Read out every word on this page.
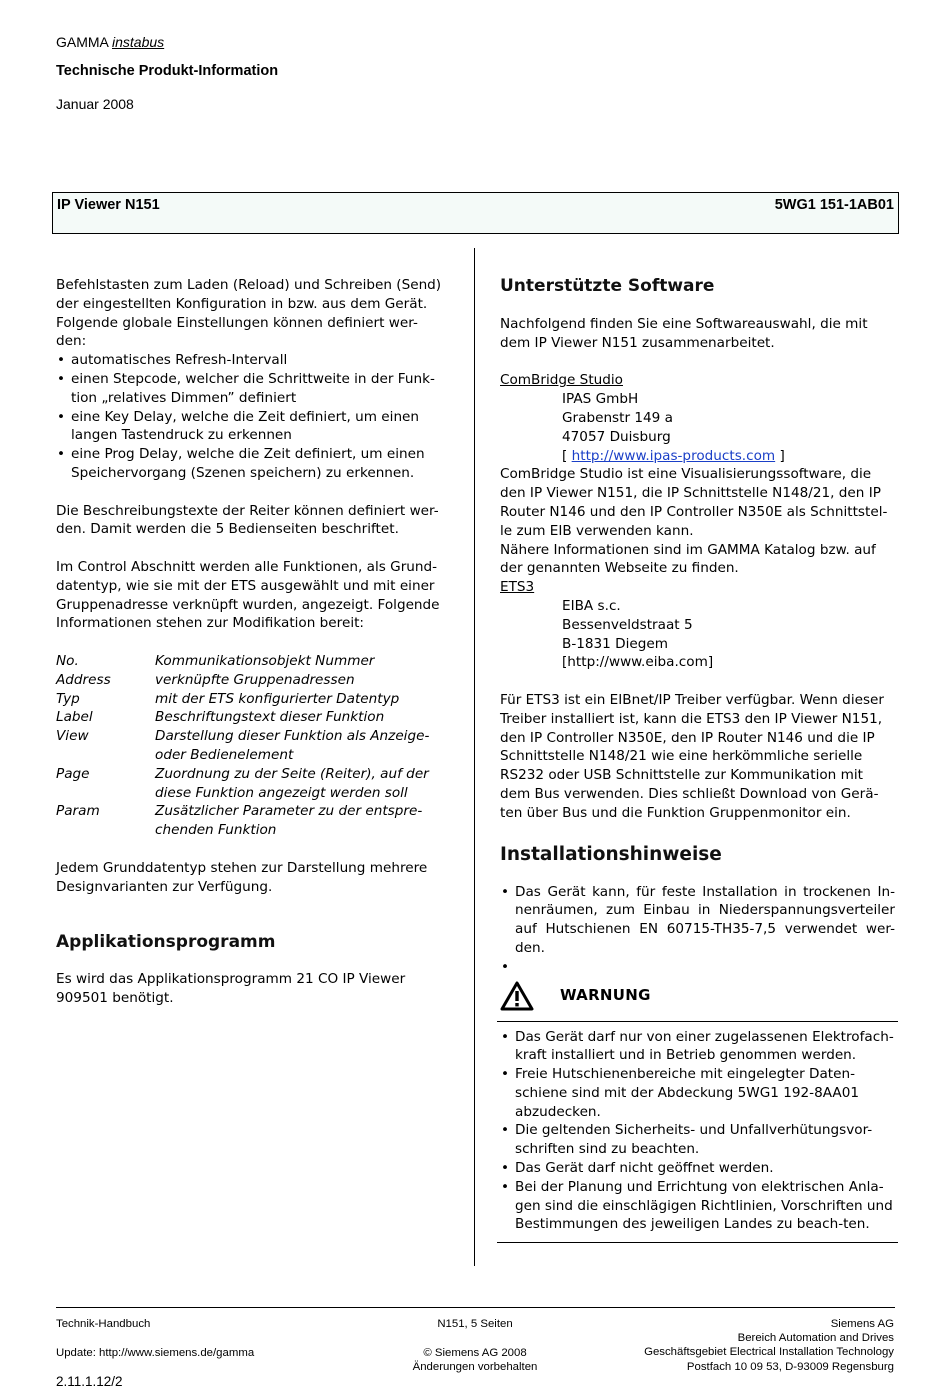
GAMMA instabus
Technische Produkt-Information
Januar 2008
IP Viewer N151	5WG1 151-1AB01

Befehlstasten zum Laden (Reload) und Schreiben (Send) der eingestellten Konfiguration in bzw. aus dem Gerät. Folgende globale Einstellungen können definiert wer-den:

• automatisches Refresh-Intervall
• einen Stepcode, welcher die Schrittweite in der Funk-tion „relatives Dimmen” definiert
• eine Key Delay, welche die Zeit definiert, um einen langen Tastendruck zu erkennen
• eine Prog Delay, welche die Zeit definiert, um einen Speichervorgang (Szenen speichern) zu erkennen.

Die Beschreibungstexte der Reiter können definiert wer-den. Damit werden die 5 Bedienseiten beschriftet.

Im Control Abschnitt werden alle Funktionen, als Grund-datentyp, wie sie mit der ETS ausgewählt und mit einer Gruppenadresse verknüpft wurden, angezeigt. Folgende Informationen stehen zur Modifikation bereit:

No.	Kommunikationsobjekt Nummer
Address	verknüpfte Gruppenadressen
Typ	mit der ETS konfigurierter Datentyp
Label	Beschriftungstext dieser Funktion
View	Darstellung dieser Funktion als Anzeige- oder Bedienelement
Page	Zuordnung zu der Seite (Reiter), auf der diese Funktion angezeigt werden soll
Param	Zusätzlicher Parameter zu der entspre-chenden Funktion

Jedem Grunddatentyp stehen zur Darstellung mehrere Designvarianten zur Verfügung.

Applikationsprogramm

Es wird das Applikationsprogramm 21 CO IP Viewer 909501 benötigt.

Unterstützte Software

Nachfolgend finden Sie eine Softwareauswahl, die mit dem IP Viewer N151 zusammenarbeitet.

ComBridge Studio

IPAS GmbH

Grabenstr 149 a

47057 Duisburg

[ http://www.ipas-products.com ]

ComBridge Studio ist eine Visualisierungssoftware, die den IP Viewer N151, die IP Schnittstelle N148/21, den IP Router N146 und den IP Controller N350E als Schnittstel-le zum EIB verwenden kann.

Nähere Informationen sind im GAMMA Katalog bzw. auf der genannten Webseite zu finden.

ETS3

EIBA s.c.

Bessenveldstraat 5

B-1831 Diegem

[http://www.eiba.com]

Für ETS3 ist ein EIBnet/IP Treiber verfügbar. Wenn dieser Treiber installiert ist, kann die ETS3 den IP Viewer N151, den IP Controller N350E, den IP Router N146 und die IP Schnittstelle N148/21 wie eine herkömmliche serielle RS232 oder USB Schnittstelle zur Kommunikation mit dem Bus verwenden. Dies schließt Download von Gerä-ten über Bus und die Funktion Gruppenmonitor ein.

Installationshinweise

• Das Gerät kann, für feste Installation in trockenen In-nenräumen, zum Einbau in Niederspannungsverteiler auf Hutschienen EN 60715-TH35-7,5 verwendet wer-den.
•
WARNUNG
• Das Gerät darf nur von einer zugelassenen Elektrofach-kraft installiert und in Betrieb genommen werden.
• Freie Hutschienenbereiche mit eingelegter Daten-schiene sind mit der Abdeckung 5WG1 192-8AA01 abzudecken.
• Die geltenden Sicherheits- und Unfallverhütungsvor-schriften sind zu beachten.
• Das Gerät darf nicht geöffnet werden.
• Bei der Planung und Errichtung von elektrischen Anla-gen sind die einschlägigen Richtlinien, Vorschriften und Bestimmungen des jeweiligen Landes zu beach-ten.
Technik-Handbuch
Update: http://www.siemens.de/gamma
2.11.1.12/2
N151, 5 Seiten
© Siemens AG 2008
Änderungen vorbehalten
Siemens AG
Bereich Automation and Drives
Geschäftsgebiet Electrical Installation Technology
Postfach 10 09 53, D-93009 Regensburg
